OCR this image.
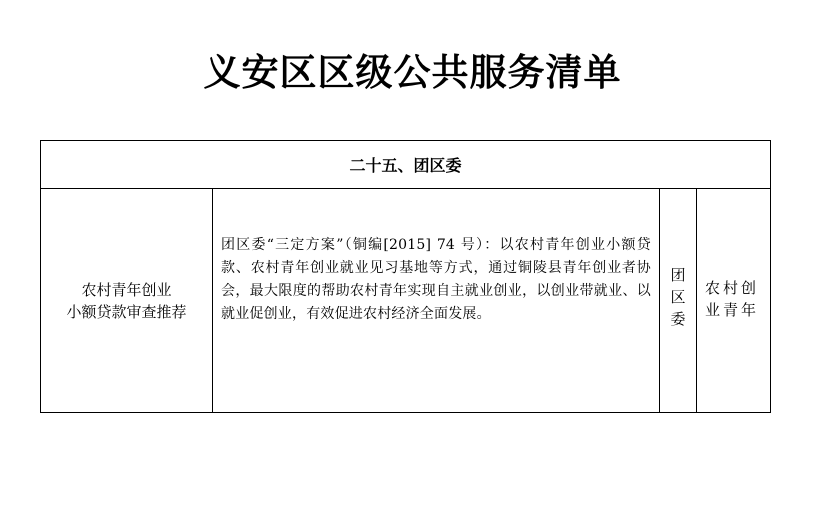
义安区区级公共服务清单
二十五、团区委
农村青年创业
小额贷款审查推荐
团区委“三定方案”（铜编[2015] 74 号）：以农村青年创业小额贷款、农村青年创业就业见习基地等方式，通过铜陵县青年创业者协会，最大限度的帮助农村青年实现自主就业创业，以创业带就业、以就业促创业，有效促进农村经济全面发展。
团
区
委
农村创业青年
